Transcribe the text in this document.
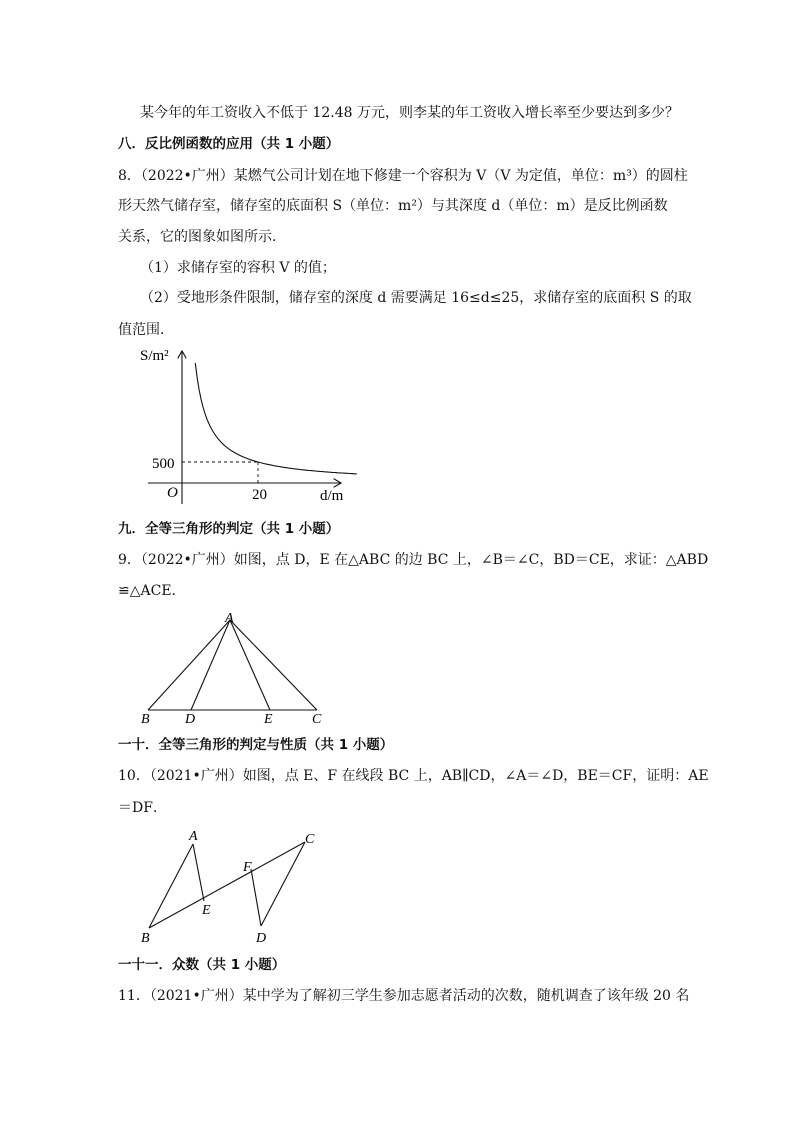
某今年的年工资收入不低于 12.48 万元，则李某的年工资收入增长率至少要达到多少？
八．反比例函数的应用（共 1 小题）
8．（2022•广州）某燃气公司计划在地下修建一个容积为 V（V 为定值，单位：m³）的圆柱
形天然气储存室，储存室的底面积 S（单位：m²）与其深度 d（单位：m）是反比例函数
关系，它的图象如图所示．
（1）求储存室的容积 V 的值；
（2）受地形条件限制，储存室的深度 d 需要满足 16≤d≤25，求储存室的底面积 S 的取
值范围．
S/m²
d/m
O
500
20
九．全等三角形的判定（共 1 小题）
9．（2022•广州）如图，点 D，E 在△ABC 的边 BC 上，∠B＝∠C，BD＝CE，求证：△ABD
≌△ACE．
A
B	D	E	C
一十．全等三角形的判定与性质（共 1 小题）
10．（2021•广州）如图，点 E、F 在线段 BC 上，AB∥CD，∠A＝∠D，BE＝CF，证明：AE
＝DF．
A
E
F
C
B	D
一十一．众数（共 1 小题）
11．（2021•广州）某中学为了解初三学生参加志愿者活动的次数，随机调查了该年级 20 名
